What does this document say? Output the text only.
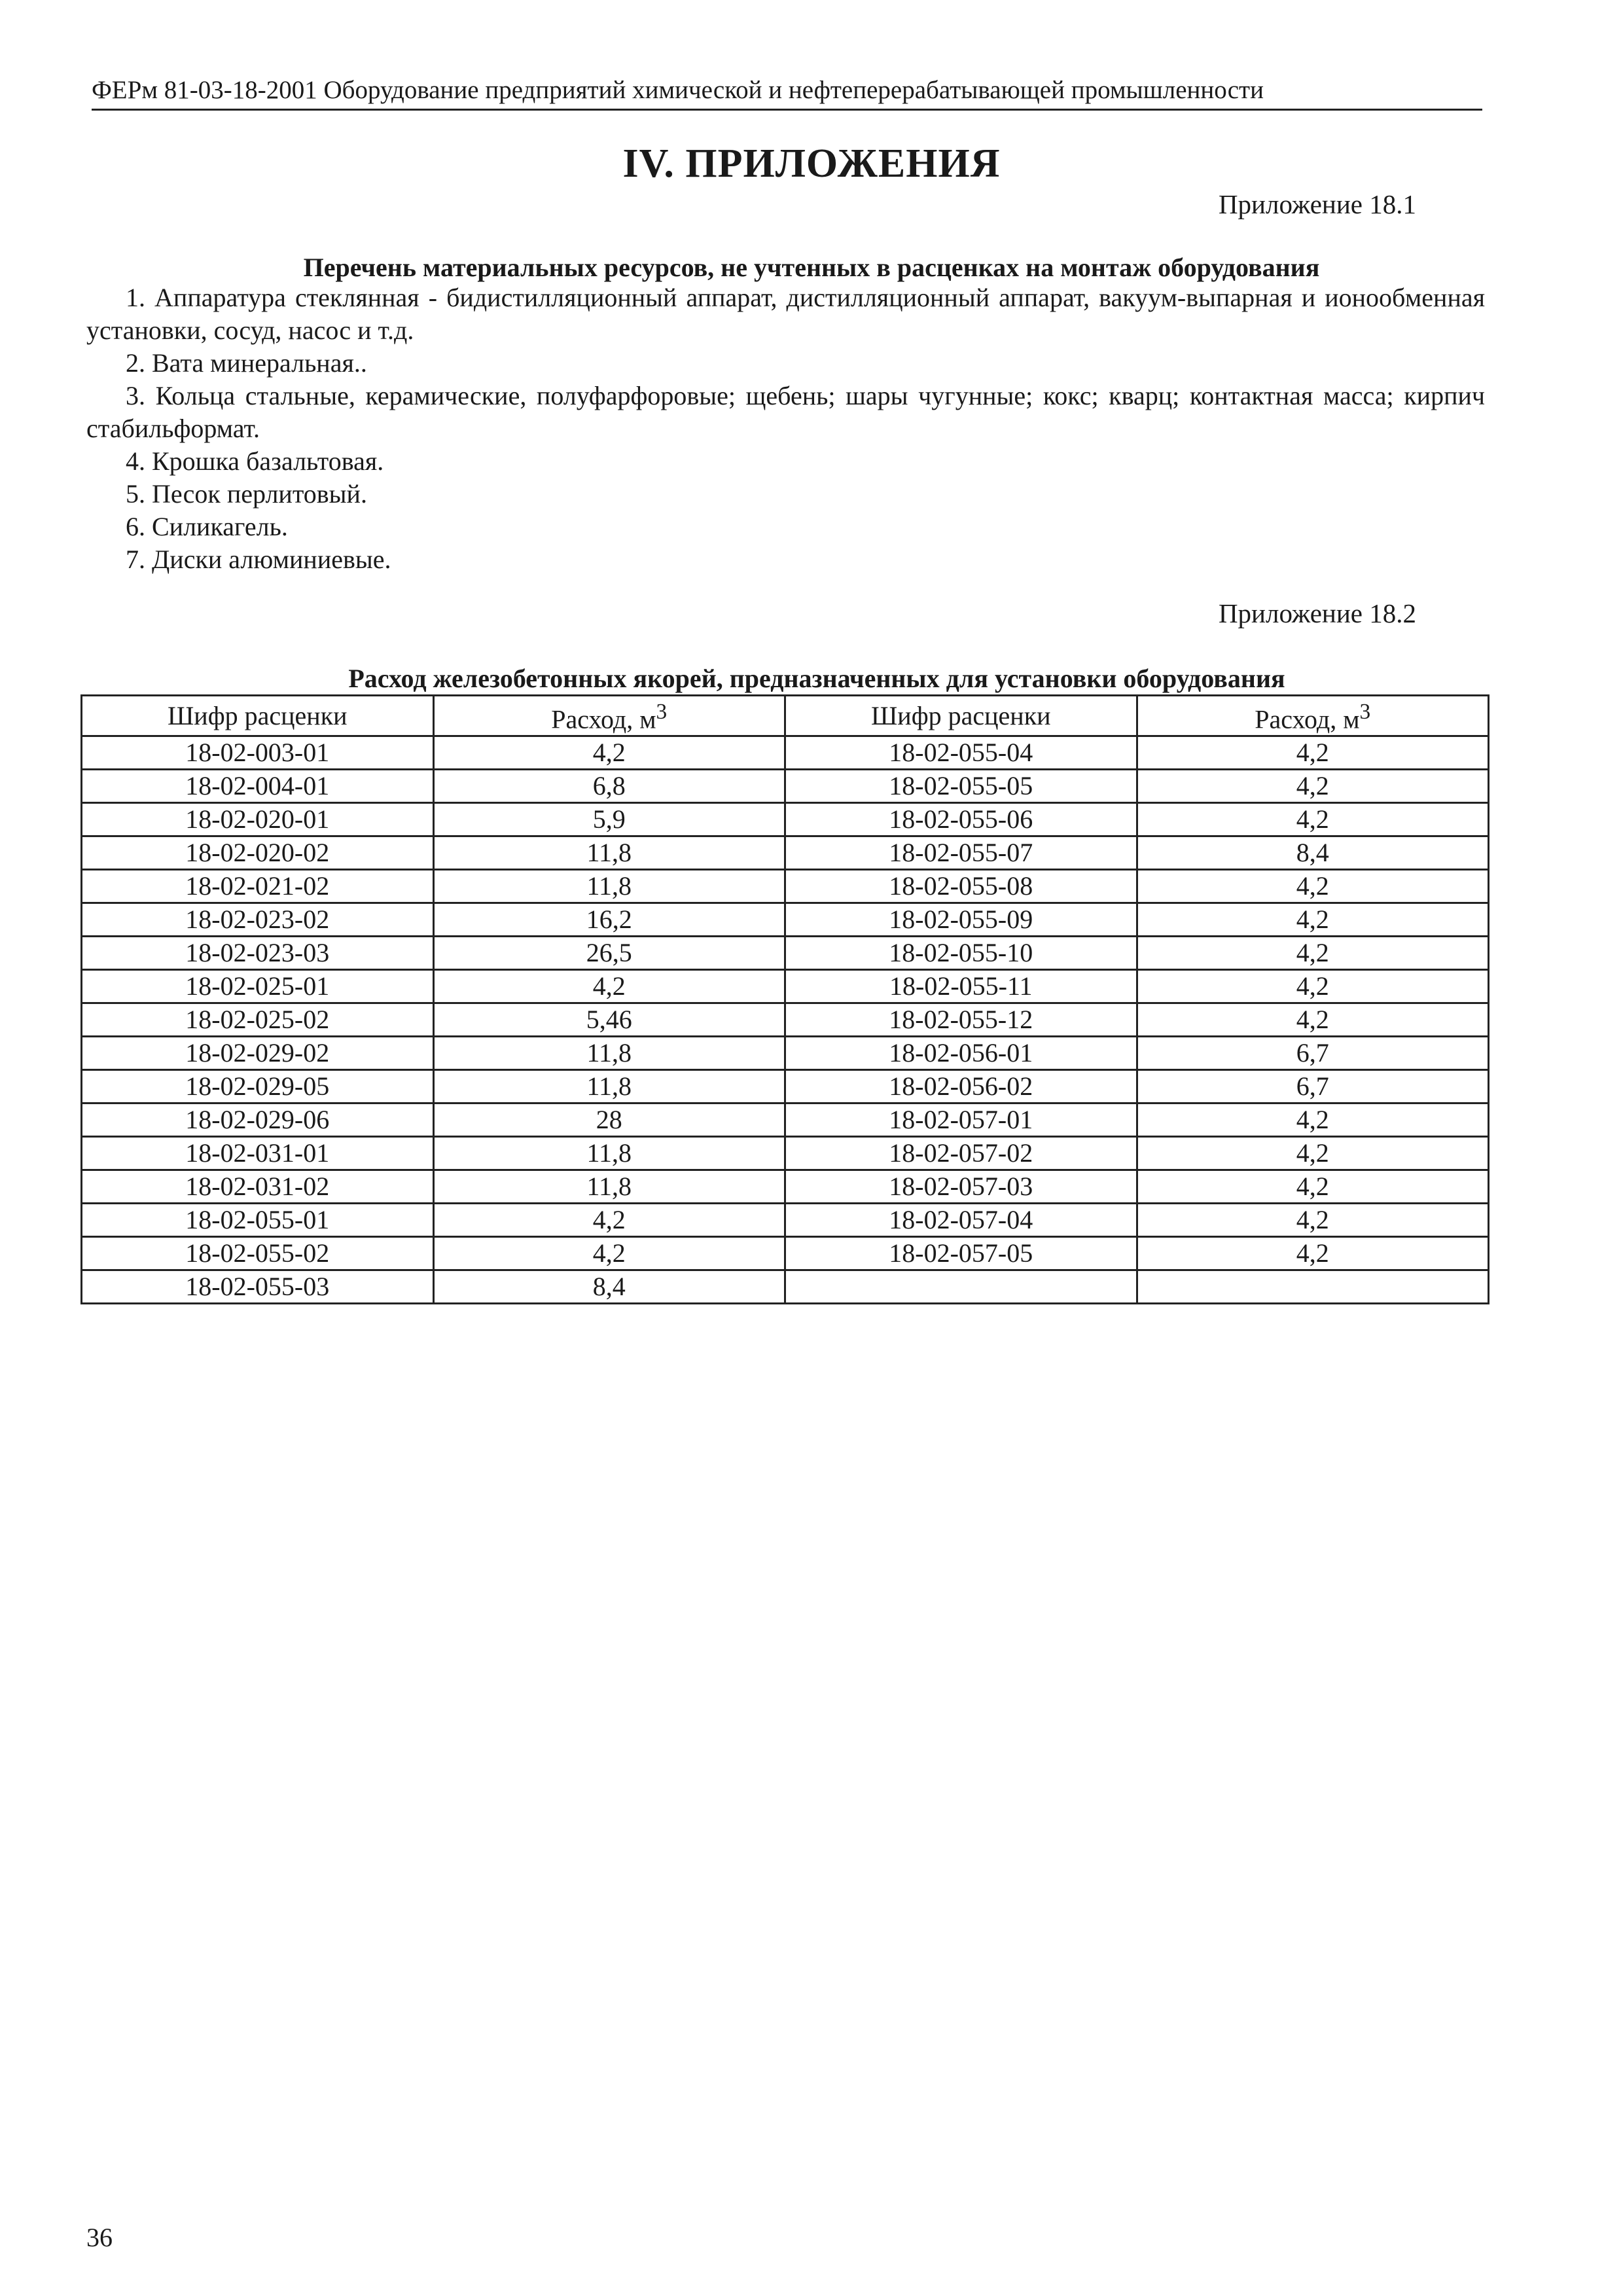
ФЕРм 81-03-18-2001 Оборудование предприятий химической и нефтеперерабатывающей промышленности
IV. ПРИЛОЖЕНИЯ
Приложение 18.1
Перечень материальных ресурсов, не учтенных в расценках на монтаж оборудования

1. Аппаратура стеклянная - бидистилляционный аппарат, дистилляционный аппарат, вакуум-выпарная и ионообменная установки, сосуд, насос и т.д.

2. Вата минеральная..

3. Кольца стальные, керамические, полуфарфоровые; щебень; шары чугунные; кокс; кварц; контактная масса; кирпич стабильформат.

4. Крошка базальтовая.

5. Песок перлитовый.

6. Силикагель.

7. Диски алюминиевые.

Приложение 18.2
Расход железобетонных якорей, предназначенных для установки оборудования
Шифр расценки	Расход, $м^3$	Шифр расценки	Расход, $м^3$
18-02-003-01	4,2	18-02-055-04	4,2
18-02-004-01	6,8	18-02-055-05	4,2
18-02-020-01	5,9	18-02-055-06	4,2
18-02-020-02	11,8	18-02-055-07	8,4
18-02-021-02	11,8	18-02-055-08	4,2
18-02-023-02	16,2	18-02-055-09	4,2
18-02-023-03	26,5	18-02-055-10	4,2
18-02-025-01	4,2	18-02-055-11	4,2
18-02-025-02	5,46	18-02-055-12	4,2
18-02-029-02	11,8	18-02-056-01	6,7
18-02-029-05	11,8	18-02-056-02	6,7
18-02-029-06	28	18-02-057-01	4,2
18-02-031-01	11,8	18-02-057-02	4,2
18-02-031-02	11,8	18-02-057-03	4,2
18-02-055-01	4,2	18-02-057-04	4,2
18-02-055-02	4,2	18-02-057-05	4,2
18-02-055-03	8,4		
36
